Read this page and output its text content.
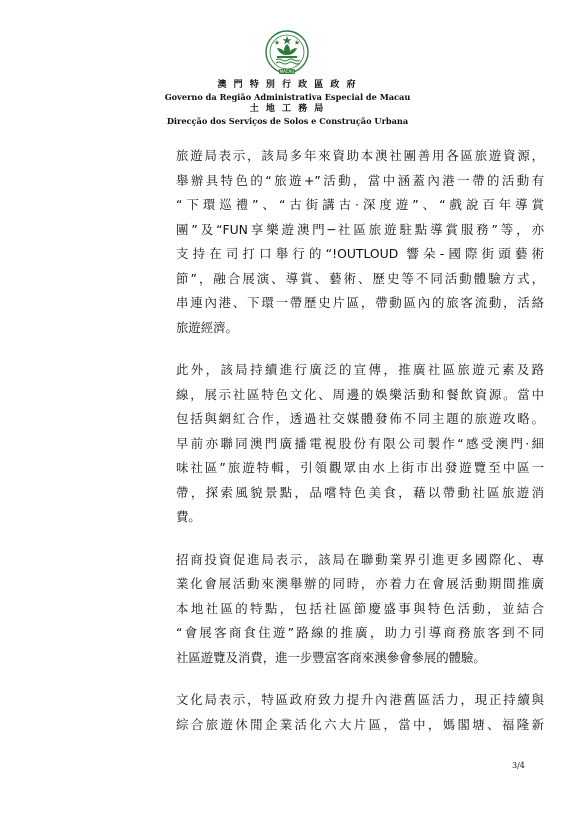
MACAU
澳 門 特 別 行 政 區 政 府
Governo da Região Administrativa Especial de Macau
土 地 工 務 局
Direcção dos Serviços de Solos e Construção Urbana
旅遊局表示，該局多年來資助本澳社團善用各區旅遊資源，
舉辦具特色的“旅遊+”活動，當中涵蓋內港一帶的活動有
“下環巡禮”、“古街講古·深度遊”、“戲說百年導賞
團”及“FUN享樂遊澳門─社區旅遊駐點導賞服務”等，亦
支持在司打口舉行的“!OUTLOUD 響朵-國際街頭藝術
節”，融合展演、導賞、藝術、歷史等不同活動體驗方式，
串連內港、下環一帶歷史片區，帶動區內的旅客流動，活絡
旅遊經濟。
此外，該局持續進行廣泛的宣傳，推廣社區旅遊元素及路
線，展示社區特色文化、周邊的娛樂活動和餐飲資源。當中
包括與網紅合作，透過社交媒體發佈不同主題的旅遊攻略。
早前亦聯同澳門廣播電視股份有限公司製作“感受澳門·細
味社區”旅遊特輯，引領觀眾由水上街市出發遊覽至中區一
帶，探索風貌景點，品嚐特色美食，藉以帶動社區旅遊消
費。
招商投資促進局表示，該局在聯動業界引進更多國際化、專
業化會展活動來澳舉辦的同時，亦着力在會展活動期間推廣
本地社區的特點，包括社區節慶盛事與特色活動，並結合
“會展客商食住遊”路線的推廣，助力引導商務旅客到不同
社區遊覽及消費，進一步豐富客商來澳參會參展的體驗。
文化局表示，特區政府致力提升內港舊區活力，現正持續與
綜合旅遊休閒企業活化六大片區，當中，媽閣塘、福隆新
3/4
